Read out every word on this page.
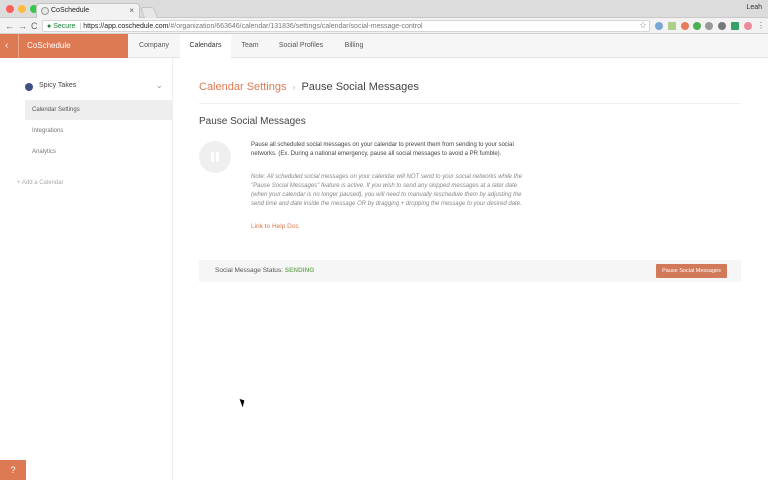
CoSchedule	×	Leah
← → C	● Secure | https://app.coschedule.com/#/organization/663646/calendar/131836/settings/calendar/social-message-control	☆	⋮
‹ CoSchedule	Company	Calendars	Team	Social Profiles	Billing
Spicy Takes	⌄
Calendar Settings
Integrations
Analytics
+ Add a Calendar
?
Calendar Settings › Pause Social Messages
Pause Social Messages
Pause all scheduled social messages on your calendar to prevent them from sending to your social networks. (Ex. During a national emergency, pause all social messages to avoid a PR fumble).
Note: All scheduled social messages on your calendar will NOT send to your social networks while the "Pause Social Messages" feature is active. If you wish to send any skipped messages at a later date (when your calendar is no longer paused), you will need to manually reschedule them by adjusting the send time and date inside the message OR by dragging + dropping the message to your desired date.
Link to Help Doc
Social Message Status: SENDING	Pause Social Messages
